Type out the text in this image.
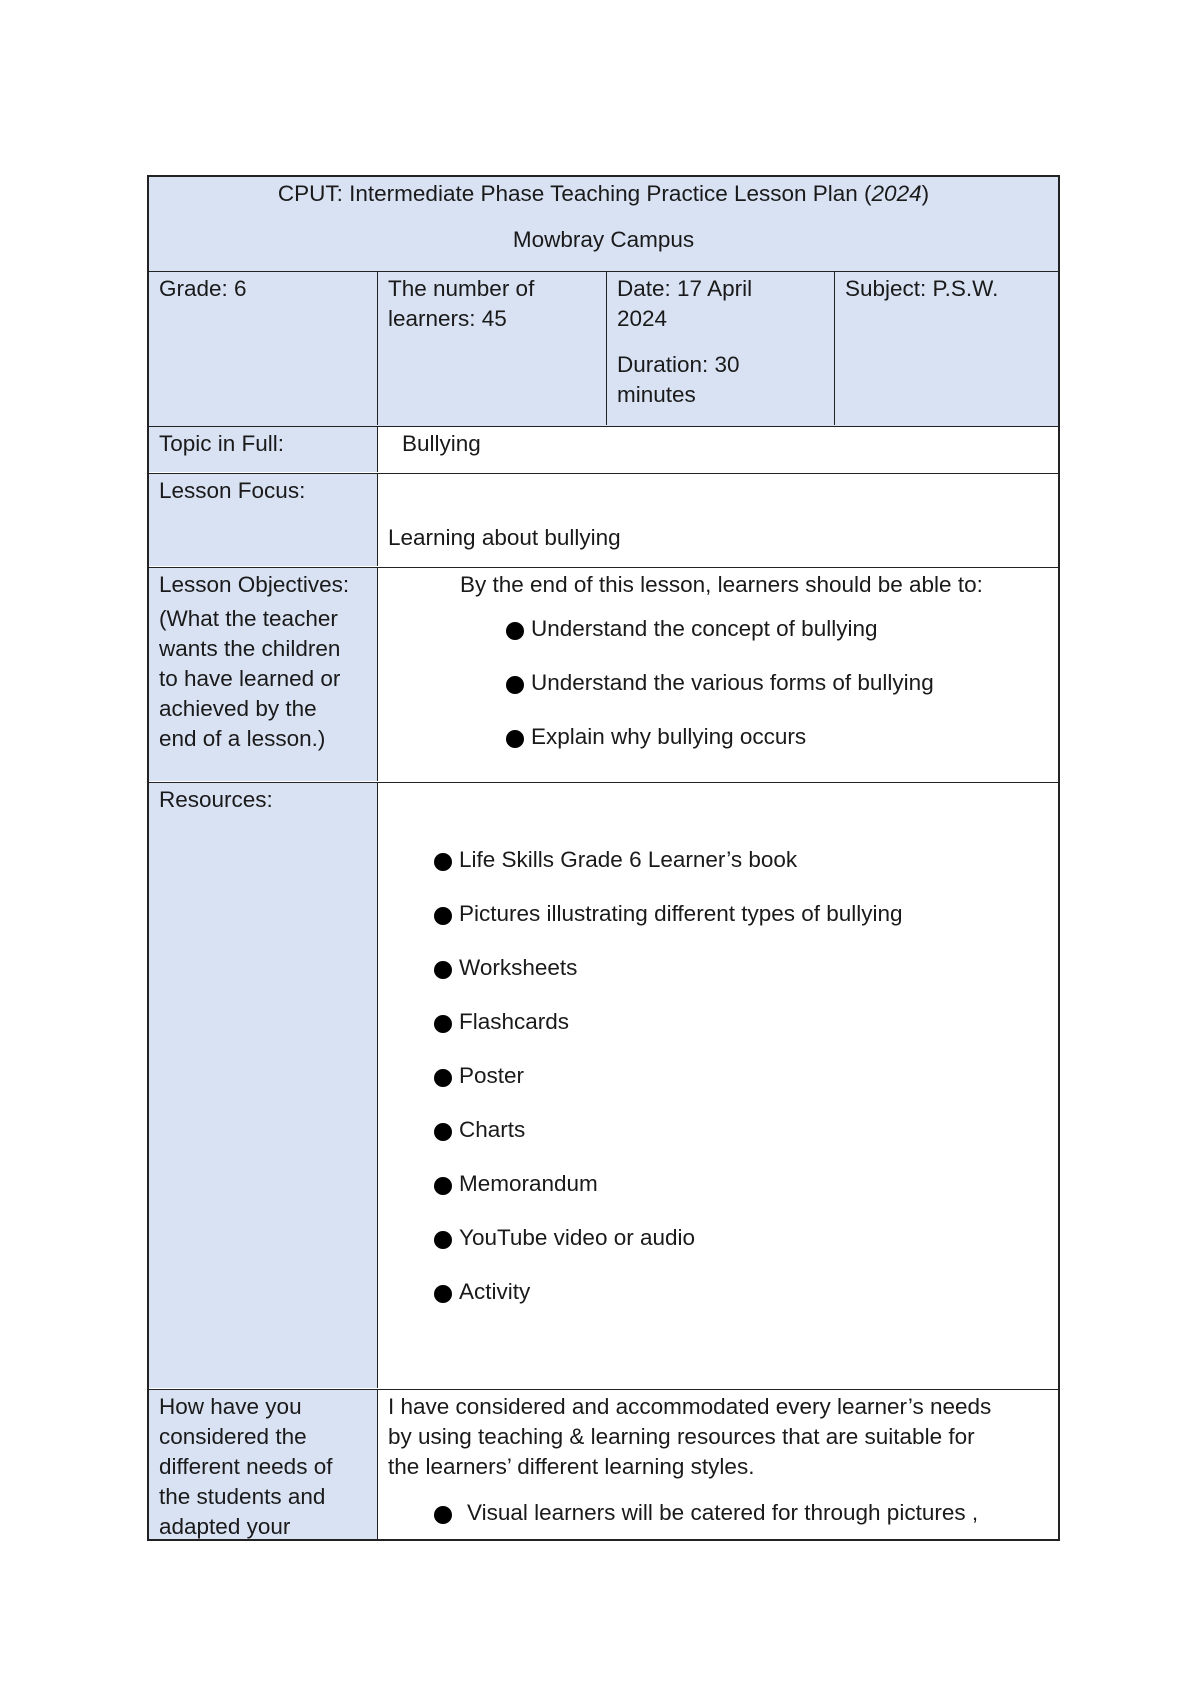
CPUT: Intermediate Phase Teaching Practice Lesson Plan (2024)

Mowbray Campus

Grade: 6	The number of

learners: 45

Date: 17 April

2024

Duration: 30

minutes

Subject: P.S.W.

Topic in Full:	Bullying

Lesson Focus:

Learning about bullying

Lesson Objectives:

(What the teacher

wants the children

to have learned or

achieved by the

end of a lesson.)

By the end of this lesson, learners should be able to:

Understand the concept of bullying
Understand the various forms of bullying
Explain why bullying occurs

Resources:

Life Skills Grade 6 Learner’s book
Pictures illustrating different types of bullying
Worksheets
Flashcards
Poster
Charts
Memorandum
YouTube video or audio
Activity

How have you

considered the

different needs of

the students and

adapted your

I have considered and accommodated every learner’s needs

by using teaching & learning resources that are suitable for

the learners’ different learning styles.

Visual learners will be catered for through pictures ,
